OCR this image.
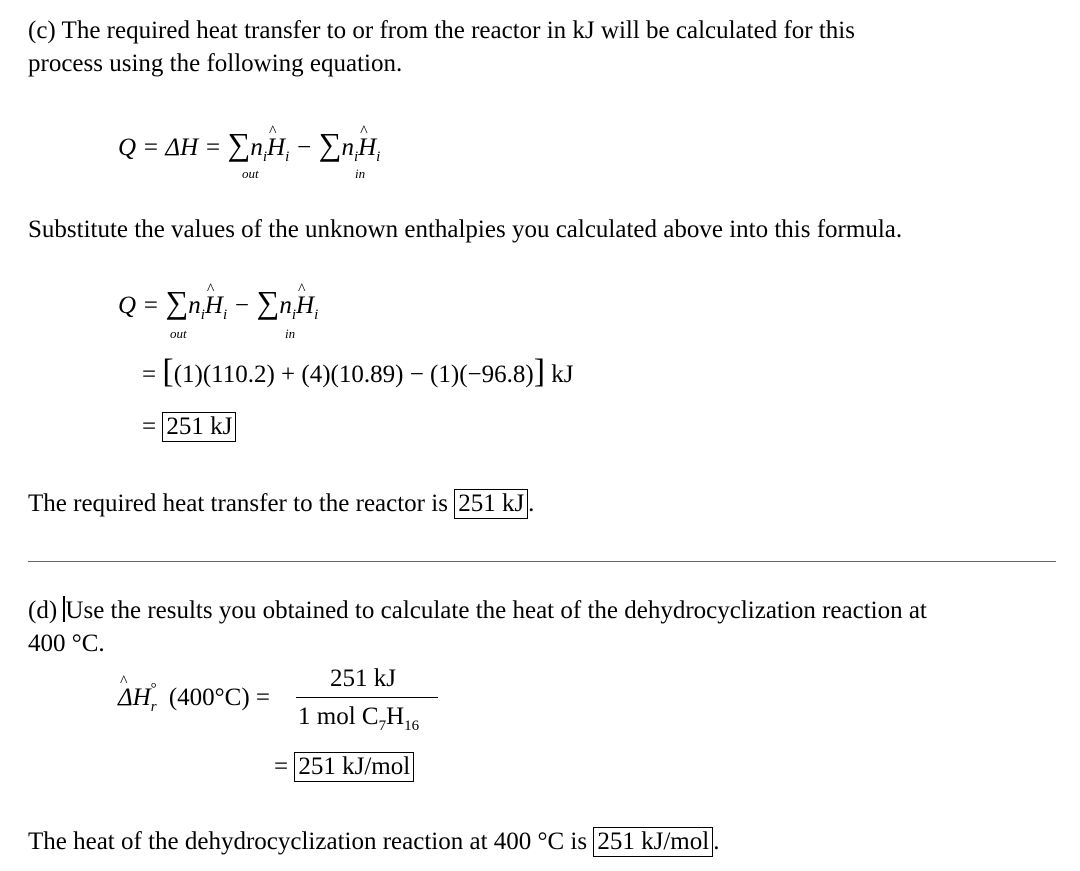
(c) The required heat transfer to or from the reactor in kJ will be calculated for this
process using the following equation.
$Q = \Delta H = \sum n_i\^{}$ $H_i$ − $\sum n_i\^{}$ $H_i$
out	in
Substitute the values of the unknown enthalpies you calculated above into this formula.
$Q = \sum n_i\^{}$ $H_i$ − $\sum n_i\^{}$ $H_i$
out	in
= [(1)(110.2) + (4)(10.89) − (1)(−96.8)] kJ
= 251 kJ
The required heat transfer to the reactor is 251 kJ .
(d) Use the results you obtained to calculate the heat of the dehydrocyclization reaction at
400 °C.
^ $\Delta H_r^\circ$ (400°C) =
251 kJ
1 mol $C_7H_{16}$
= 251 kJ/mol
The heat of the dehydrocyclization reaction at 400 °C is 251 kJ/mol .
